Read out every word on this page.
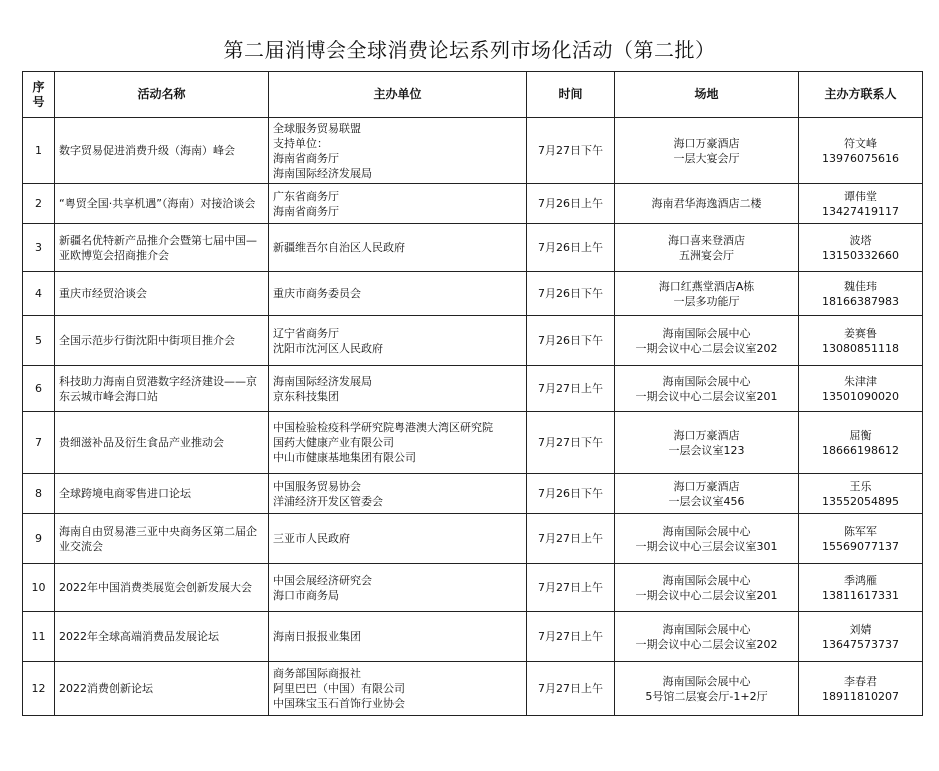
第二届消博会全球消费论坛系列市场化活动（第二批）
序
号	活动名称	主办单位	时间	场地	主办方联系人
1	数字贸易促进消费升级（海南）峰会	全球服务贸易联盟
支持单位：
海南省商务厅
海南国际经济发展局	7月27日下午	海口万豪酒店
一层大宴会厅	符文峰
13976075616

2	“粤贸全国·共享机遇”（海南）对接洽谈会	广东省商务厅
海南省商务厅	7月26日上午	海南君华海逸酒店二楼	谭伟堂
13427419117

3	新疆名优特新产品推介会暨第七届中国—亚欧博览会招商推介会	新疆维吾尔自治区人民政府	7月26日上午	海口喜来登酒店
五洲宴会厅	波塔
13150332660

4	重庆市经贸洽谈会	重庆市商务委员会	7月26日下午	海口红燕堂酒店A栋
一层多功能厅	魏佳玮
18166387983

5	全国示范步行街沈阳中街项目推介会	辽宁省商务厅
沈阳市沈河区人民政府	7月26日下午	海南国际会展中心
一期会议中心二层会议室202	姜赛鲁
13080851118

6	科技助力海南自贸港数字经济建设——京东云城市峰会海口站	海南国际经济发展局
京东科技集团	7月27日上午	海南国际会展中心
一期会议中心二层会议室201	朱津津
13501090020

7	贵细滋补品及衍生食品产业推动会	中国检验检疫科学研究院粤港澳大湾区研究院
国药大健康产业有限公司
中山市健康基地集团有限公司	7月27日下午	海口万豪酒店
一层会议室123	屈衡
18666198612

8	全球跨境电商零售进口论坛	中国服务贸易协会
洋浦经济开发区管委会	7月26日下午	海口万豪酒店
一层会议室456	王乐
13552054895

9	海南自由贸易港三亚中央商务区第二届企业交流会	三亚市人民政府	7月27日上午	海南国际会展中心
一期会议中心三层会议室301	陈军军
15569077137

10	2022年中国消费类展览会创新发展大会	中国会展经济研究会
海口市商务局	7月27日上午	海南国际会展中心
一期会议中心二层会议室201	季鸿雁
13811617331

11	2022年全球高端消费品发展论坛	海南日报报业集团	7月27日上午	海南国际会展中心
一期会议中心二层会议室202	刘婧
13647573737

12	2022消费创新论坛	商务部国际商报社
阿里巴巴（中国）有限公司
中国珠宝玉石首饰行业协会	7月27日上午	海南国际会展中心
5号馆二层宴会厅-1+2厅	李春君
18911810207
